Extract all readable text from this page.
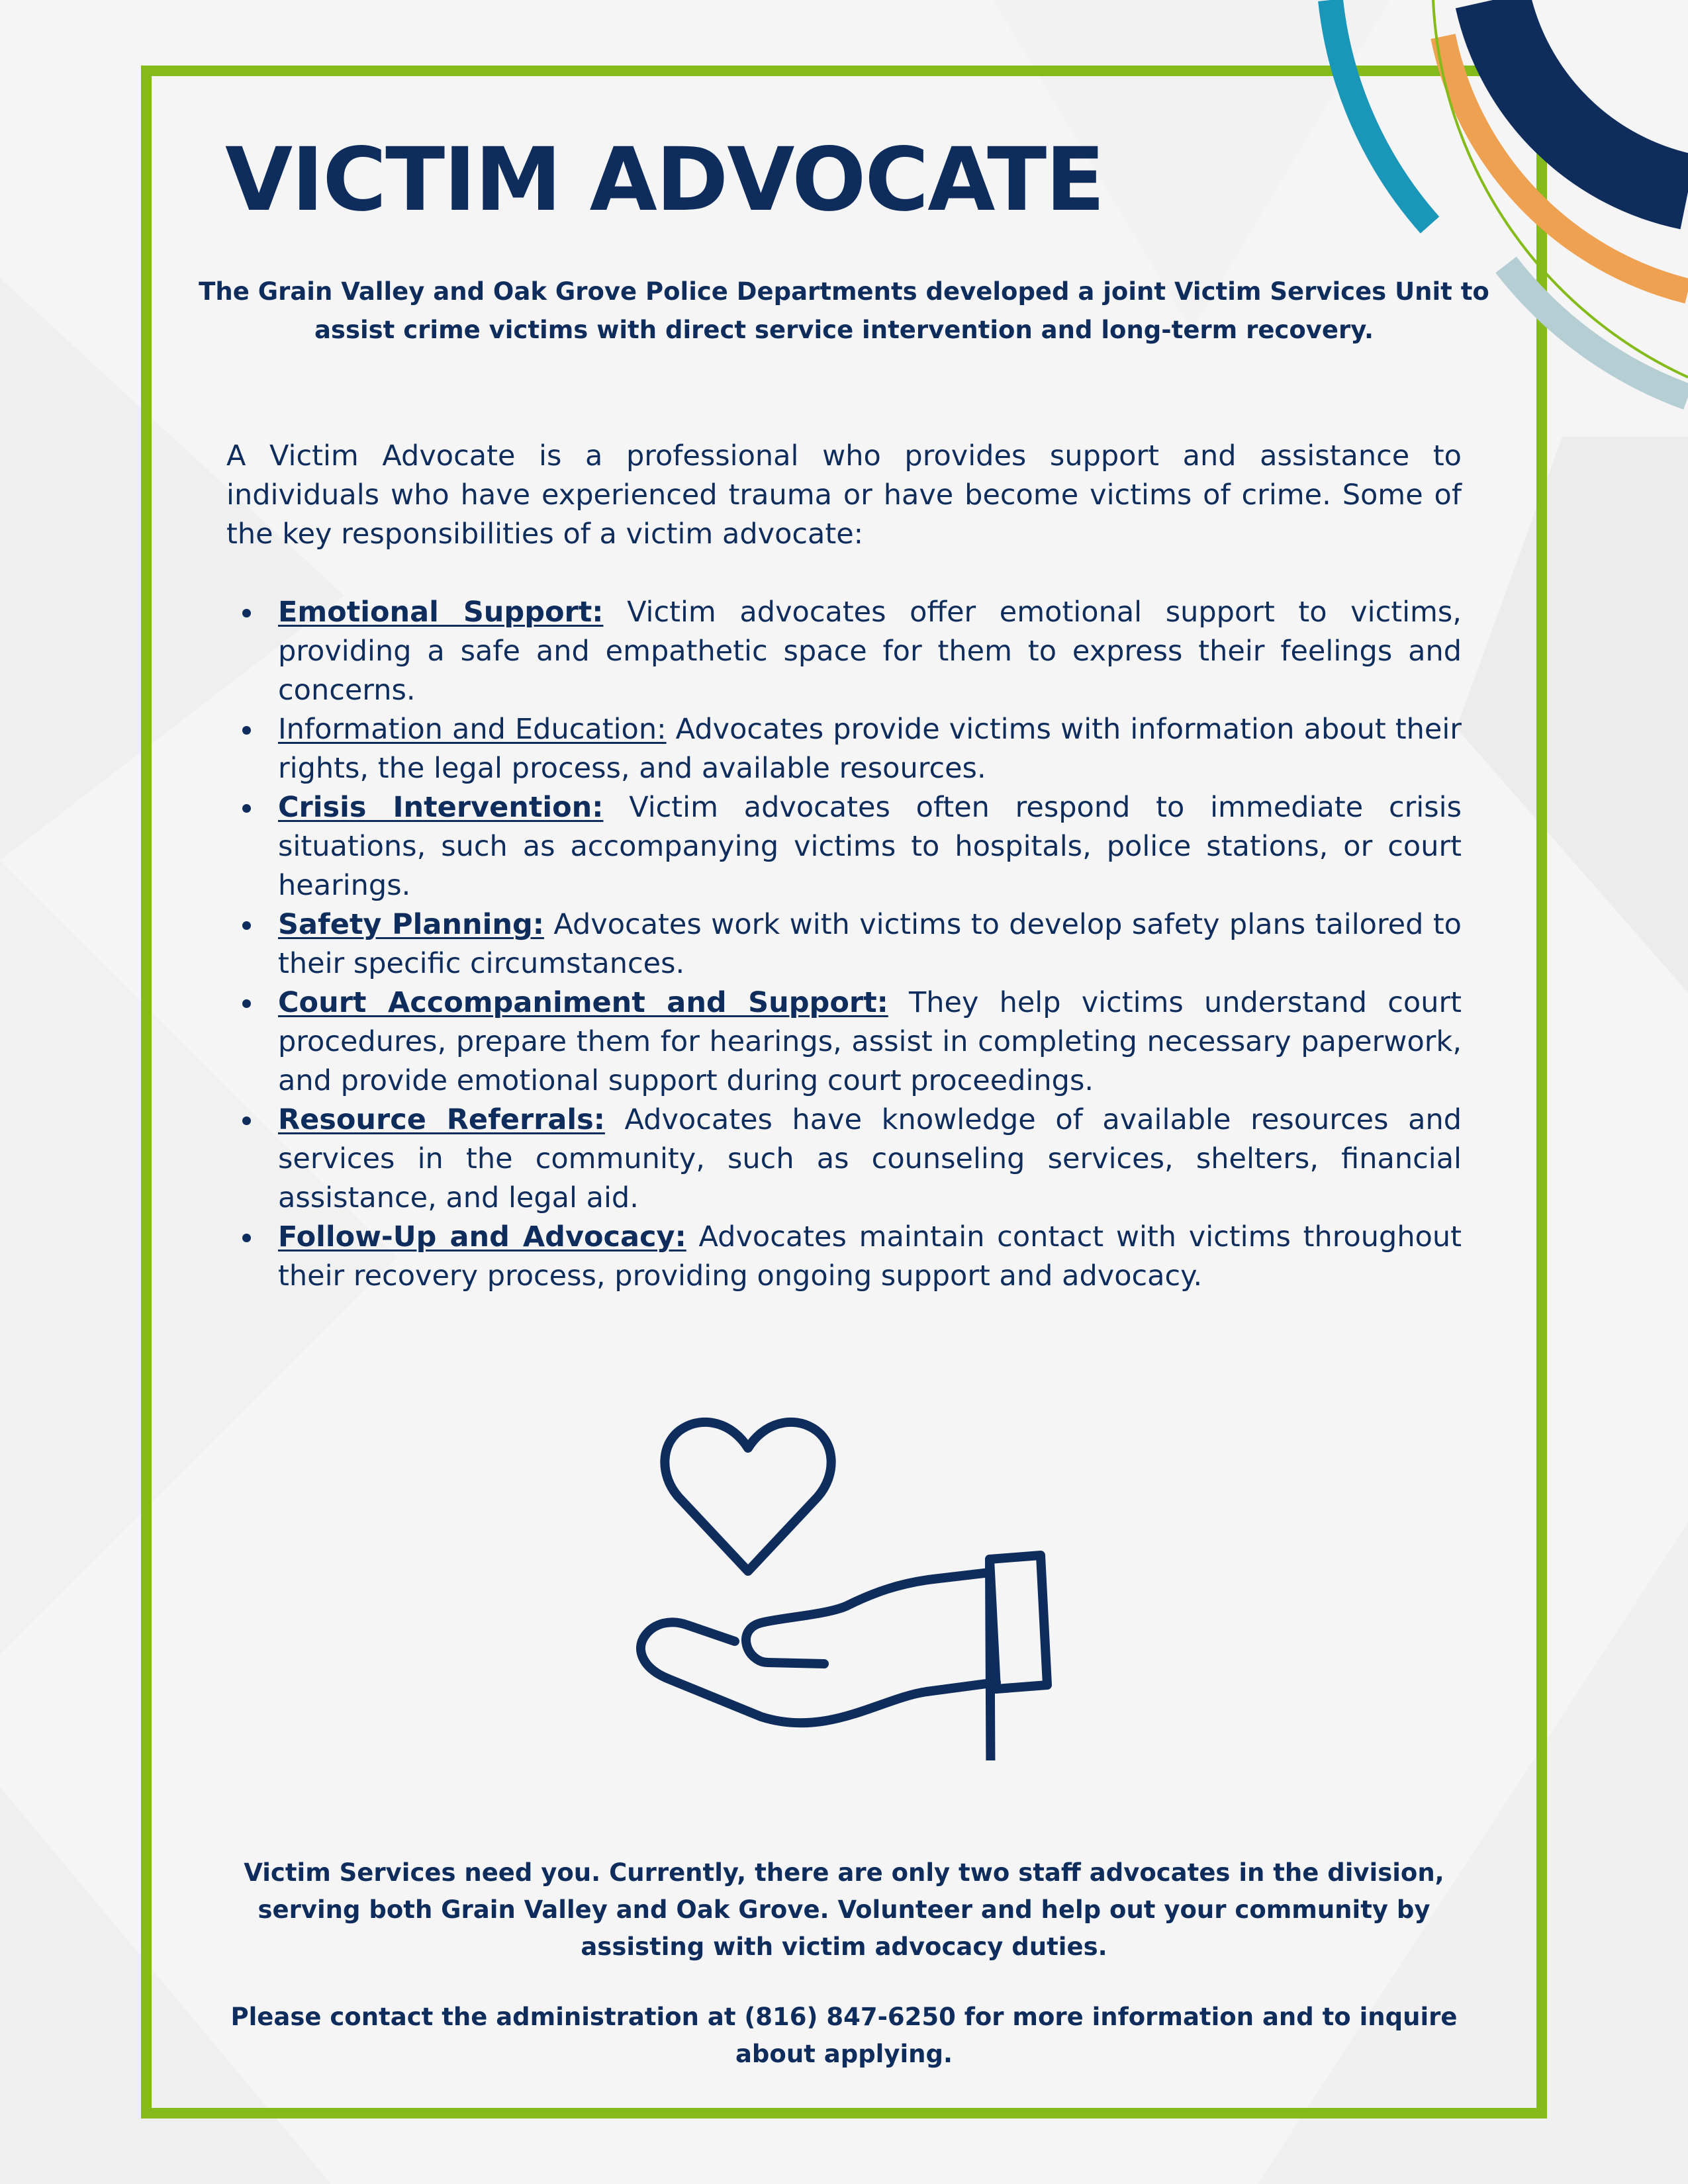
VICTIM ADVOCATE

The Grain Valley and Oak Grove Police Departments developed a joint Victim Services Unit to assist crime victims with direct service intervention and long-term recovery.

A Victim Advocate is a professional who provides support and assistance to individuals who have experienced trauma or have become victims of crime. Some of the key responsibilities of a victim advocate:

Emotional Support: Victim advocates offer emotional support to victims, providing a safe and empathetic space for them to express their feelings and concerns.
Information and Education: Advocates provide victims with information about their rights, the legal process, and available resources.
Crisis Intervention: Victim advocates often respond to immediate crisis situations, such as accompanying victims to hospitals, police stations, or court hearings.
Safety Planning: Advocates work with victims to develop safety plans tailored to their specific circumstances.
Court Accompaniment and Support: They help victims understand court procedures, prepare them for hearings, assist in completing necessary paperwork, and provide emotional support during court proceedings.
Resource Referrals: Advocates have knowledge of available resources and services in the community, such as counseling services, shelters, financial assistance, and legal aid.
Follow-Up and Advocacy: Advocates maintain contact with victims throughout their recovery process, providing ongoing support and advocacy.

Victim Services need you. Currently, there are only two staff advocates in the division, serving both Grain Valley and Oak Grove. Volunteer and help out your community by assisting with victim advocacy duties.

Please contact the administration at (816) 847-6250 for more information and to inquire about applying.
